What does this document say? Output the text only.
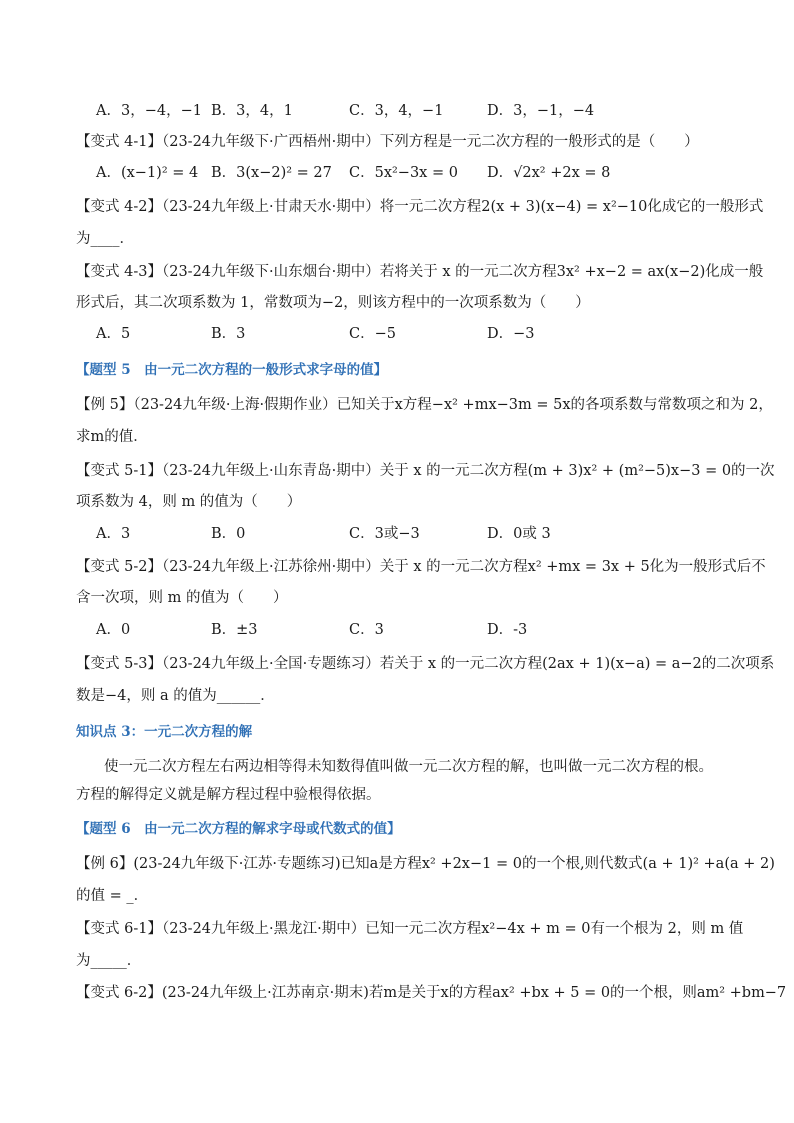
A．3，−4，−1 B．3，4，1	C．3，4，−1	D．3，−1，−4
【变式 4-1】（23-24九年级下·广西梧州·期中）下列方程是一元二次方程的一般形式的是（　　）
A．(x−1)² = 4 B．3(x−2)² = 27 C．5x²−3x = 0 D．√2x² +2x = 8
【变式 4-2】（23-24九年级上·甘肃天水·期中）将一元二次方程2(x + 3)(x−4) = x²−10化成它的一般形式
为____．
【变式 4-3】（23-24九年级下·山东烟台·期中）若将关于 x 的一元二次方程3x² +x−2 = ax(x−2)化成一般
形式后，其二次项系数为 1，常数项为−2，则该方程中的一次项系数为（　　）
A．5	B．3	C．−5	D．−3
【题型 5　由一元二次方程的一般形式求字母的值】
【例 5】（23-24九年级·上海·假期作业）已知关于x方程−x² +mx−3m = 5x的各项系数与常数项之和为 2，
求m的值．
【变式 5-1】（23-24九年级上·山东青岛·期中）关于 x 的一元二次方程(m + 3)x² + (m²−5)x−3 = 0的一次
项系数为 4，则 m 的值为（　　）
A．3	B．0	C．3或−3	D．0或 3
【变式 5-2】（23-24九年级上·江苏徐州·期中）关于 x 的一元二次方程x² +mx = 3x + 5化为一般形式后不
含一次项，则 m 的值为（　　）
A．0	B．±3	C．3	D．-3
【变式 5-3】（23-24九年级上·全国·专题练习）若关于 x 的一元二次方程(2ax + 1)(x−a) = a−2的二次项系
数是−4，则 a 的值为______．
知识点 3：一元二次方程的解
使一元二次方程左右两边相等得未知数得值叫做一元二次方程的解，也叫做一元二次方程的根。方程的解得定义就是解方程过程中验根得依据。
【题型 6　由一元二次方程的解求字母或代数式的值】
【例 6】(23-24九年级下·江苏·专题练习)已知a是方程x² +2x−1 = 0的一个根,则代数式(a + 1)² +a(a + 2)
的值 = _．
【变式 6-1】（23-24九年级上·黑龙江·期中）已知一元二次方程x²−4x + m = 0有一个根为 2，则 m 值
为_____．
【变式 6-2】(23-24九年级上·江苏南京·期末)若m是关于x的方程ax² +bx + 5 = 0的一个根，则am² +bm−7
